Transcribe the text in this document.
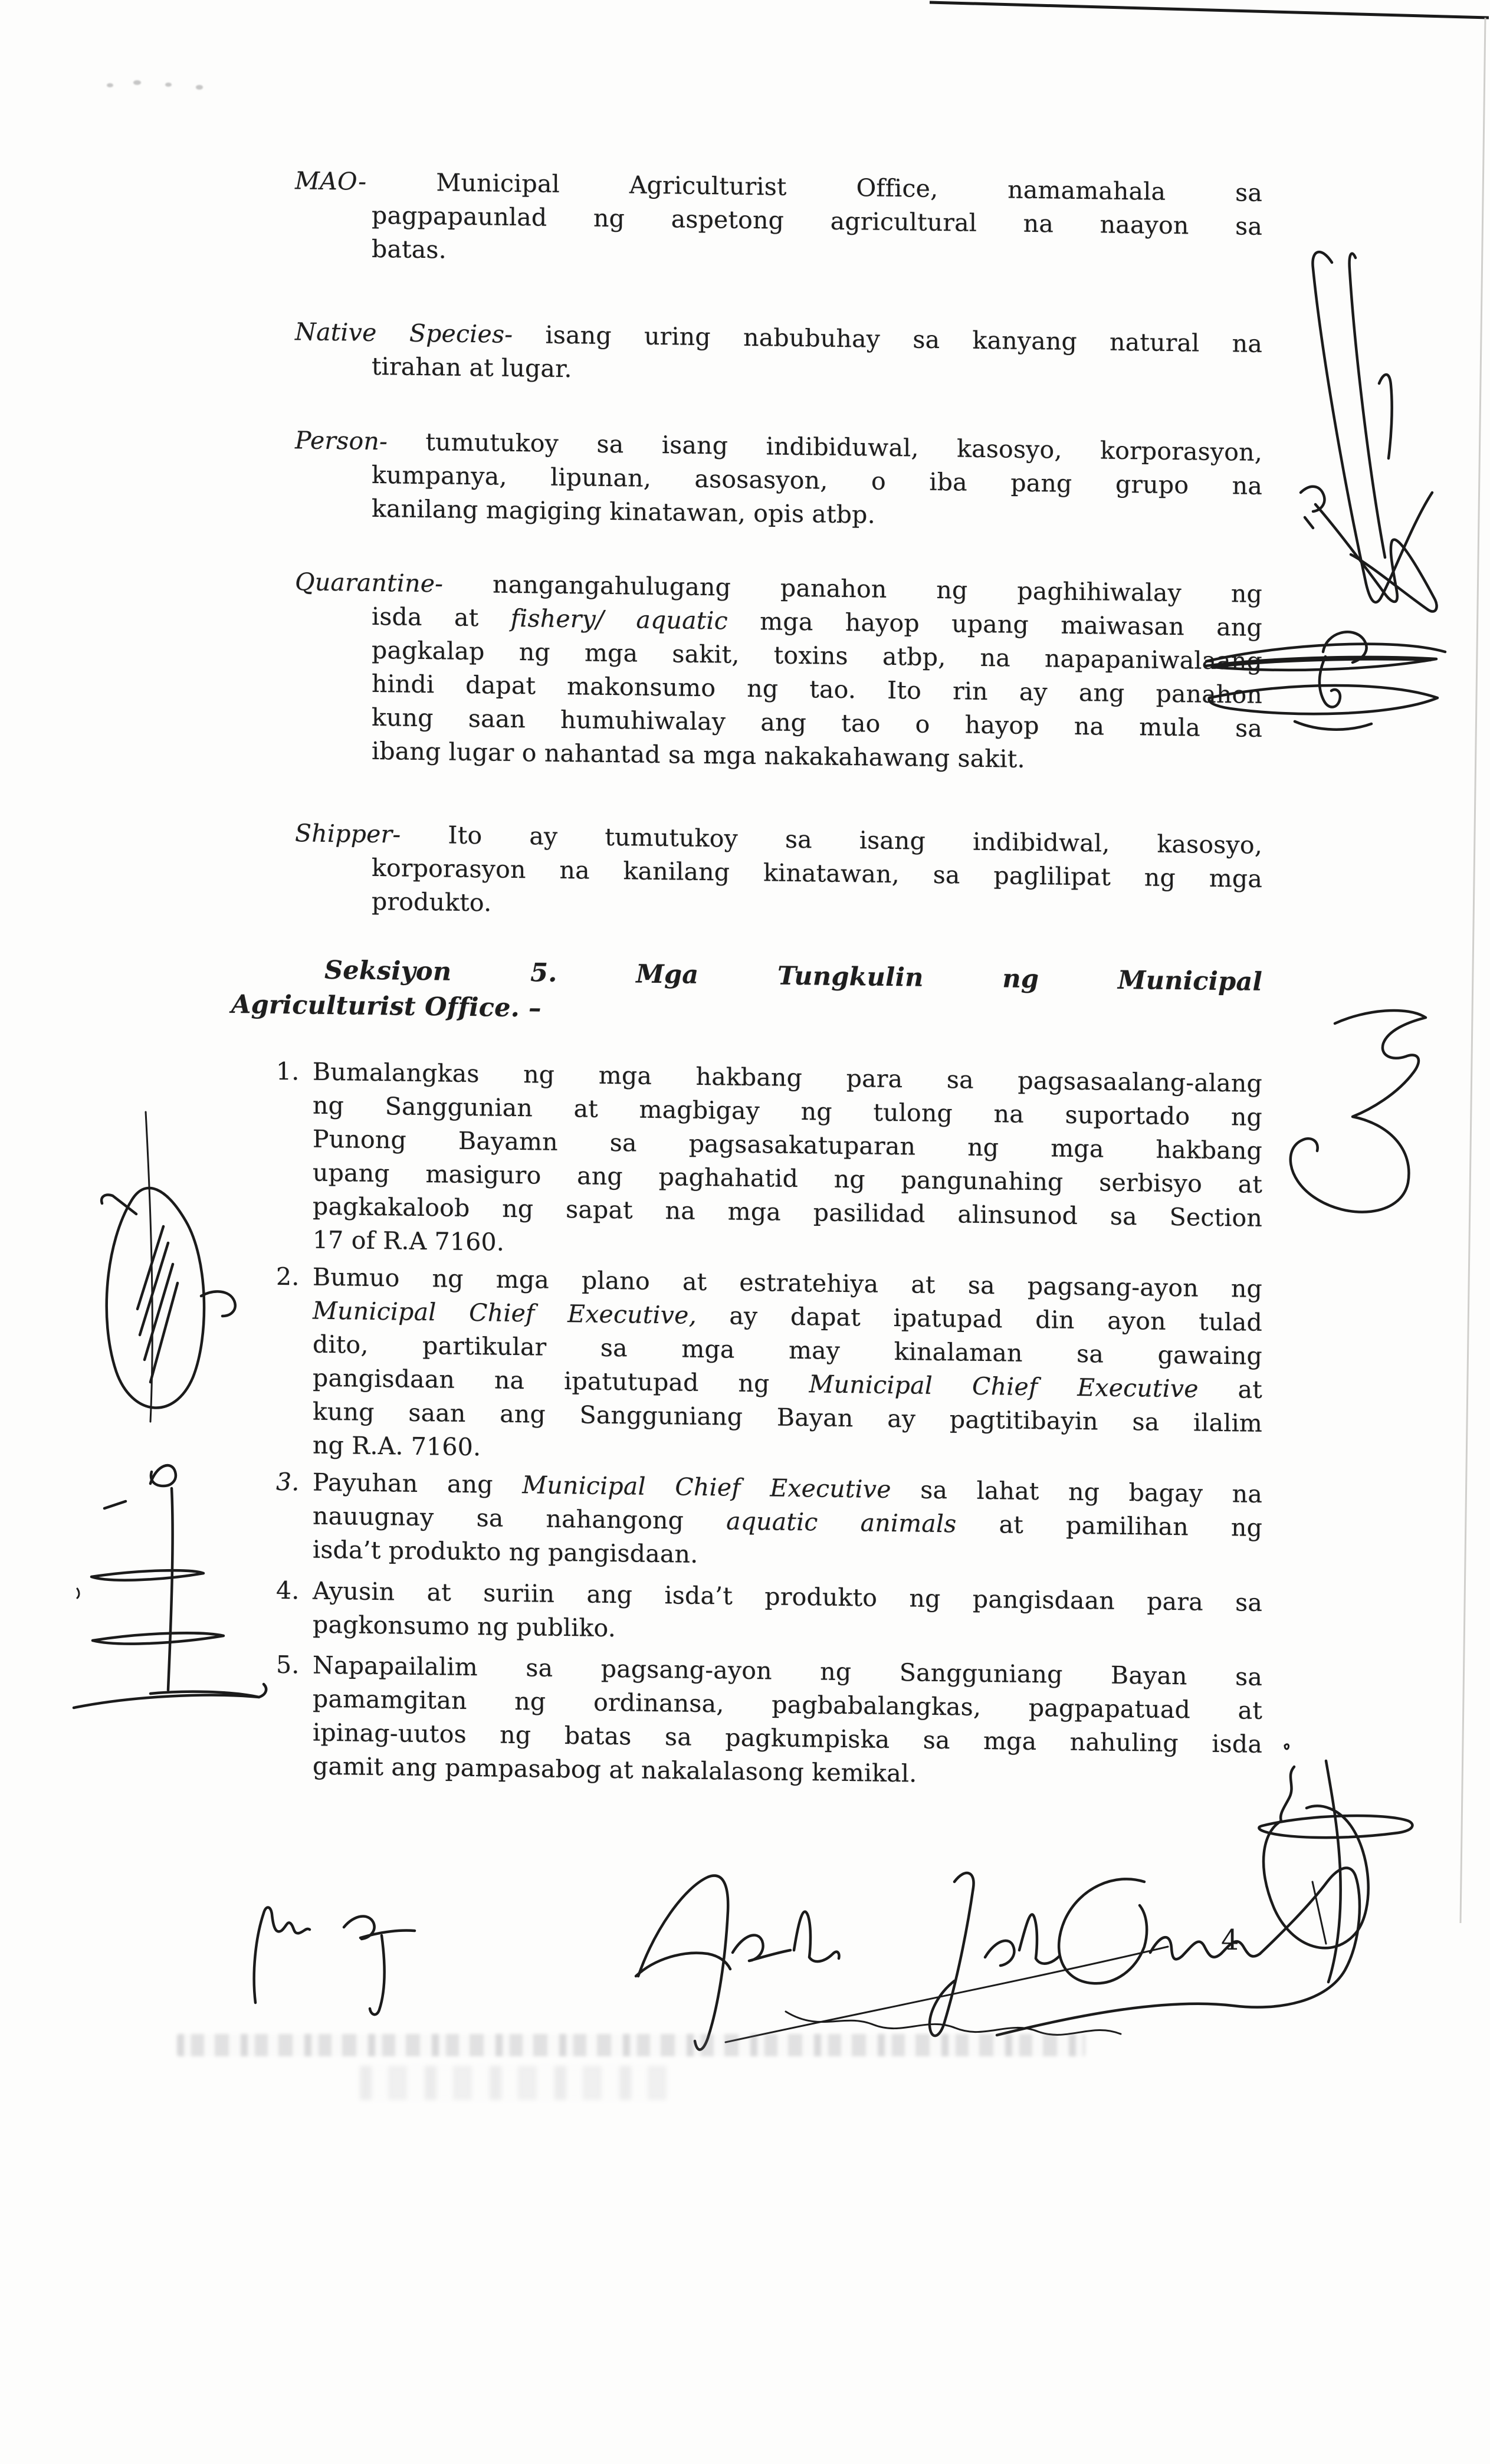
MAO- Municipal Agriculturist Office, namamahala sa
pagpapaunlad ng aspetong agricultural na naayon sa
batas.
Native Species- isang uring nabubuhay sa kanyang natural na
tirahan at lugar.
Person- tumutukoy sa isang indibiduwal, kasosyo, korporasyon,
kumpanya, lipunan, asosasyon, o iba pang grupo na
kanilang magiging kinatawan, opis atbp.
Quarantine- nangangahulugang panahon ng paghihiwalay ng
isda at fishery/ aquatic mga hayop upang maiwasan ang
pagkalap ng mga sakit, toxins atbp, na napapaniwalaang
hindi dapat makonsumo ng tao. Ito rin ay ang panahon
kung saan humuhiwalay ang tao o hayop na mula sa
ibang lugar o nahantad sa mga nakakahawang sakit.
Shipper- Ito ay tumutukoy sa isang indibidwal, kasosyo,
korporasyon na kanilang kinatawan, sa paglilipat ng mga
produkto.
Seksiyon 5. Mga Tungkulin ng Municipal
Agriculturist Office. –
1. Bumalangkas ng mga hakbang para sa pagsasaalang-alang
ng Sanggunian at magbigay ng tulong na suportado ng
Punong Bayamn sa pagsasakatuparan ng mga hakbang
upang masiguro ang paghahatid ng pangunahing serbisyo at
pagkakaloob ng sapat na mga pasilidad alinsunod sa Section
17 of R.A 7160.
2. Bumuo ng mga plano at estratehiya at sa pagsang-ayon ng
Municipal Chief Executive, ay dapat ipatupad din ayon tulad
dito, partikular sa mga may kinalaman sa gawaing
pangisdaan na ipatutupad ng Municipal Chief Executive at
kung saan ang Sangguniang Bayan ay pagtitibayin sa ilalim
ng R.A. 7160.
3. Payuhan ang Municipal Chief Executive sa lahat ng bagay na
nauugnay sa nahangong aquatic animals at pamilihan ng
isda’t produkto ng pangisdaan.
4. Ayusin at suriin ang isda’t produkto ng pangisdaan para sa
pagkonsumo ng publiko.
5. Napapailalim sa pagsang-ayon ng Sangguniang Bayan sa
pamamgitan ng ordinansa, pagbabalangkas, pagpapatuad at
ipinag-uutos ng batas sa pagkumpiska sa mga nahuling isda
gamit ang pampasabog at nakalalasong kemikal.
4
